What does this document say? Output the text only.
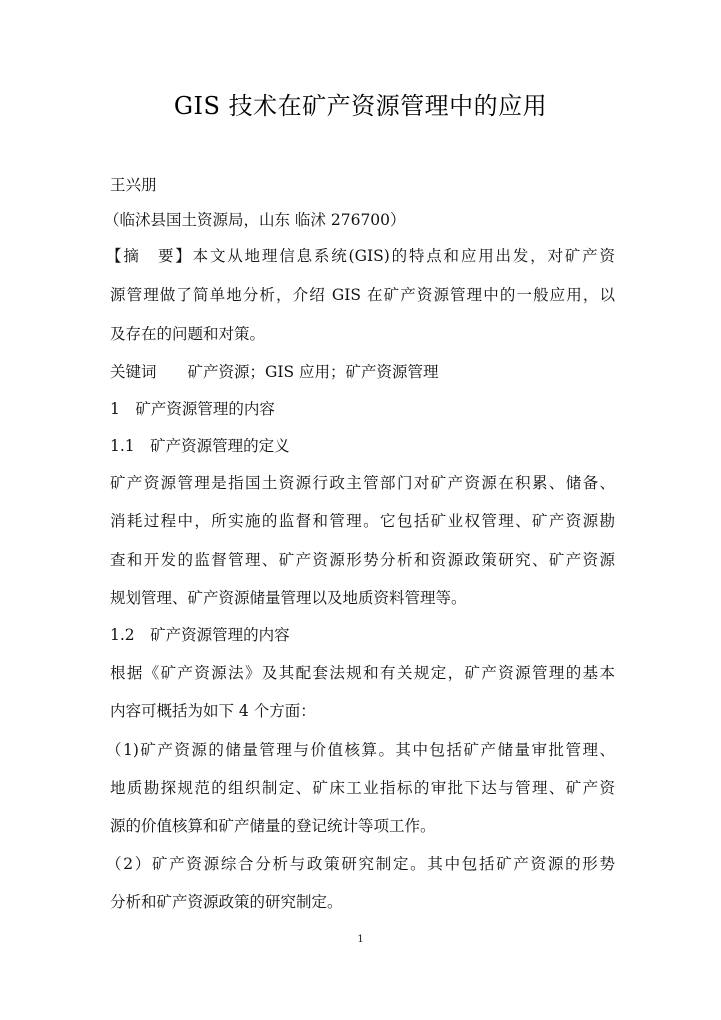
GIS 技术在矿产资源管理中的应用
王兴朋
（临沭县国土资源局，山东 临沭 276700）
【摘　要】本文从地理信息系统(GIS)的特点和应用出发，对矿产资
源管理做了简单地分析，介绍 GIS 在矿产资源管理中的一般应用，以
及存在的问题和对策。
关键词　　矿产资源；GIS 应用；矿产资源管理
1　矿产资源管理的内容
1.1　矿产资源管理的定义
矿产资源管理是指国土资源行政主管部门对矿产资源在积累、储备、
消耗过程中，所实施的监督和管理。它包括矿业权管理、矿产资源勘
查和开发的监督管理、矿产资源形势分析和资源政策研究、矿产资源
规划管理、矿产资源储量管理以及地质资料管理等。
1.2　矿产资源管理的内容
根据《矿产资源法》及其配套法规和有关规定，矿产资源管理的基本
内容可概括为如下 4 个方面：
（1)矿产资源的储量管理与价值核算。其中包括矿产储量审批管理、
地质勘探规范的组织制定、矿床工业指标的审批下达与管理、矿产资
源的价值核算和矿产储量的登记统计等项工作。
（2）矿产资源综合分析与政策研究制定。其中包括矿产资源的形势
分析和矿产资源政策的研究制定。
1
